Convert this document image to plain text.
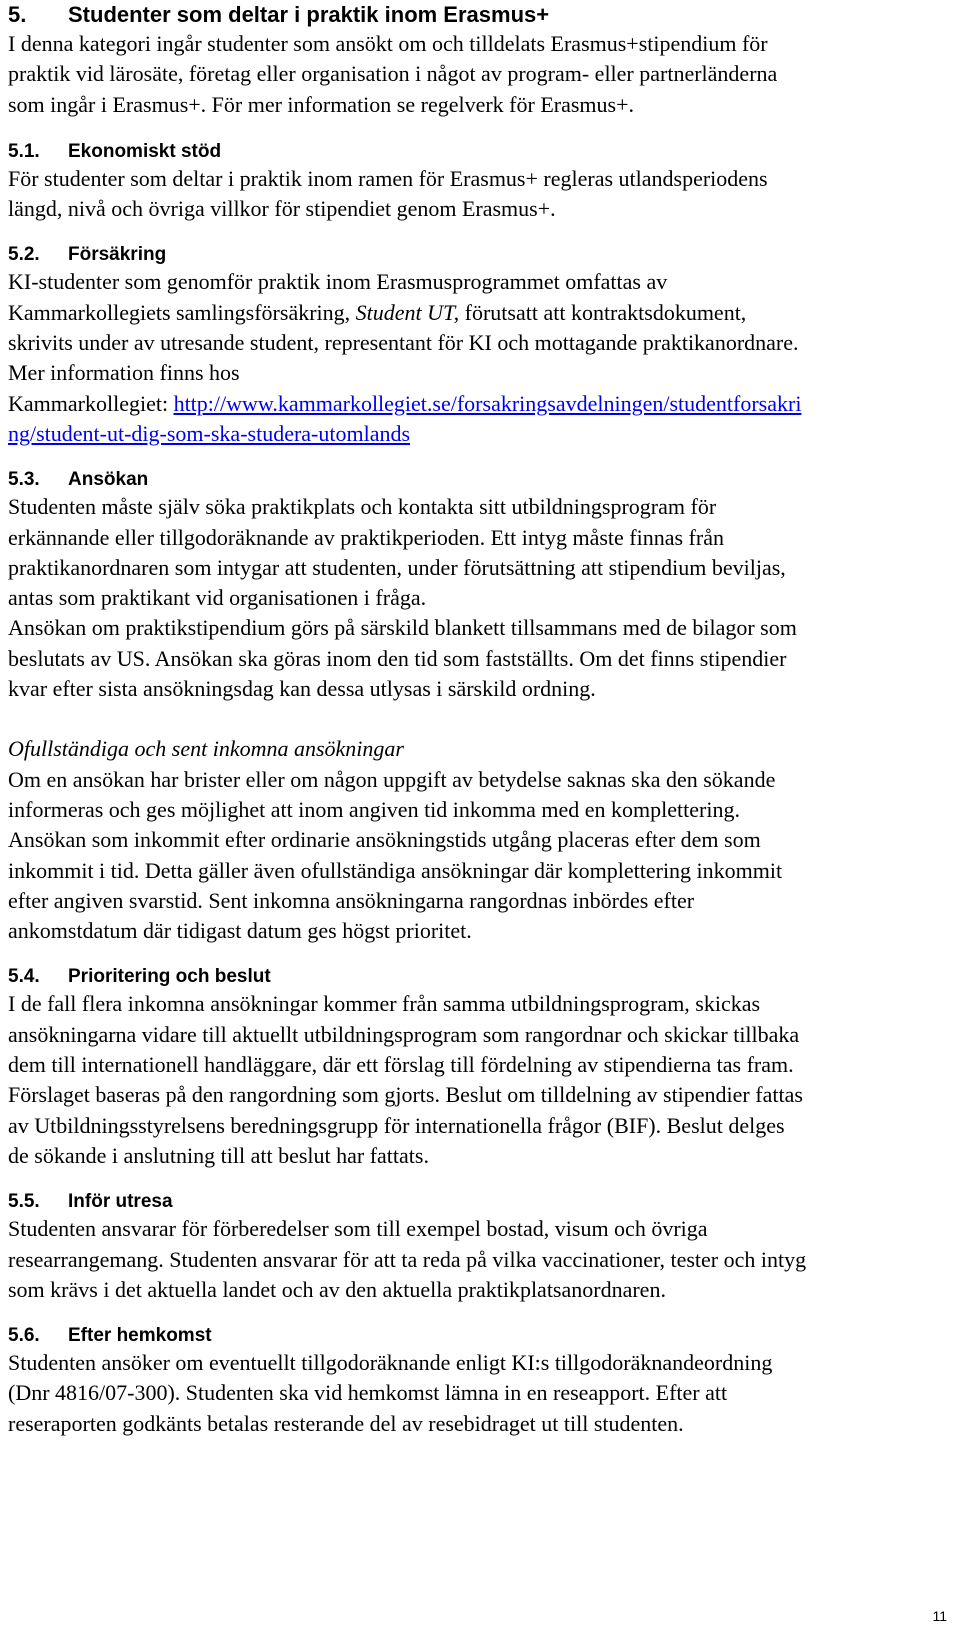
5. Studenter som deltar i praktik inom Erasmus+
I denna kategori ingår studenter som ansökt om och tilldelats Erasmus+stipendium för
praktik vid lärosäte, företag eller organisation i något av program- eller partnerländerna
som ingår i Erasmus+. För mer information se regelverk för Erasmus+.
5.1. Ekonomiskt stöd
För studenter som deltar i praktik inom ramen för Erasmus+ regleras utlandsperiodens
längd, nivå och övriga villkor för stipendiet genom Erasmus+.
5.2. Försäkring
KI-studenter som genomför praktik inom Erasmusprogrammet omfattas av
Kammarkollegiets samlingsförsäkring, Student UT, förutsatt att kontraktsdokument,
skrivits under av utresande student, representant för KI och mottagande praktikanordnare.
Mer information finns hos
Kammarkollegiet: http://www.kammarkollegiet.se/forsakringsavdelningen/studentforsakri
ng/student-ut-dig-som-ska-studera-utomlands
5.3. Ansökan
Studenten måste själv söka praktikplats och kontakta sitt utbildningsprogram för
erkännande eller tillgodoräknande av praktikperioden. Ett intyg måste finnas från
praktikanordnaren som intygar att studenten, under förutsättning att stipendium beviljas,
antas som praktikant vid organisationen i fråga.
Ansökan om praktikstipendium görs på särskild blankett tillsammans med de bilagor som
beslutats av US. Ansökan ska göras inom den tid som fastställts. Om det finns stipendier
kvar efter sista ansökningsdag kan dessa utlysas i särskild ordning.
Ofullständiga och sent inkomna ansökningar
Om en ansökan har brister eller om någon uppgift av betydelse saknas ska den sökande
informeras och ges möjlighet att inom angiven tid inkomma med en komplettering.
Ansökan som inkommit efter ordinarie ansökningstids utgång placeras efter dem som
inkommit i tid. Detta gäller även ofullständiga ansökningar där komplettering inkommit
efter angiven svarstid. Sent inkomna ansökningarna rangordnas inbördes efter
ankomstdatum där tidigast datum ges högst prioritet.
5.4. Prioritering och beslut
I de fall flera inkomna ansökningar kommer från samma utbildningsprogram, skickas
ansökningarna vidare till aktuellt utbildningsprogram som rangordnar och skickar tillbaka
dem till internationell handläggare, där ett förslag till fördelning av stipendierna tas fram.
Förslaget baseras på den rangordning som gjorts. Beslut om tilldelning av stipendier fattas
av Utbildningsstyrelsens beredningsgrupp för internationella frågor (BIF). Beslut delges
de sökande i anslutning till att beslut har fattats.
5.5. Inför utresa
Studenten ansvarar för förberedelser som till exempel bostad, visum och övriga
researrangemang. Studenten ansvarar för att ta reda på vilka vaccinationer, tester och intyg
som krävs i det aktuella landet och av den aktuella praktikplatsanordnaren.
5.6. Efter hemkomst
Studenten ansöker om eventuellt tillgodoräknande enligt KI:s tillgodoräknandeordning
(Dnr 4816/07-300). Studenten ska vid hemkomst lämna in en reseapport. Efter att
reseraporten godkänts betalas resterande del av resebidraget ut till studenten.
11
